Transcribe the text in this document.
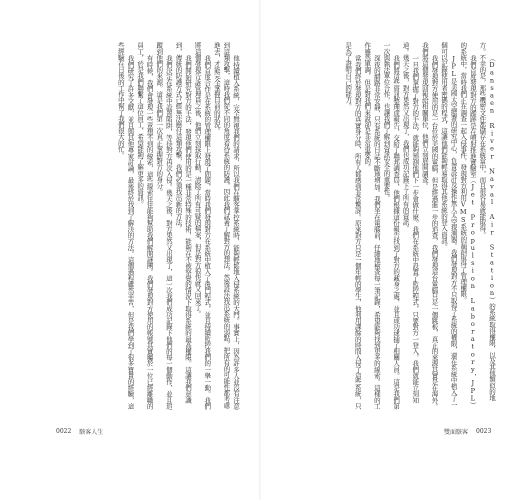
他持續植入系統，完全無視我們的請求，所以我們在駭客掌控系統時，能夠輕鬆地入侵系統的大門。事實上，因為許多人並沒有注意到這類攻擊，這時我們從不同的角度看待系統的防護，因此我們試著了解對方的想法，然後設法找出系統的弱點，把所有的可能性都考慮進去，才能完全掌握目前的狀況。

我們首度合作是在系統的管理權限上發現了問題，當時我們發現對方在系統中植入了後門程式，並且持續監控我們的一舉一動。我們將這個發現告訴管理員之後，他們立刻採取行動，清除了所有可疑的檔案，但是對方很快就又回來了。

我們開始研究對方的手法，發現他們使用的是一種非常特殊的技術，能夠在不被察覺的情況下取得系統的最高權限。這讓我們意識到，傳統的防護方式已經無法應付這類攻擊，我們必須找出新的方法。

我們決定在系統中設置陷阱，等待對方再次入侵。幾天之後，對方果然又出現了，這一次我們成功記錄下他們的每一個動作，並且追蹤到他們的來源。這是我們第一次真正掌握對方的身分。

有時候，我們會發現一些意想不到的線索，這些線索往往能夠幫助我們解開謎團。我們發現對方使用的帳號其實屬於一位已經離職的員工，於是我們聯繫了這位員工，希望能夠了解更多的資訊。

我們研究了許多文獻，並且與其他專家討論，最後終於找到了解決的方法。這個過程雖然辛苦，但是我們學到了很多寶貴的經驗，這些經驗在日後的工作中幫了我們很大的忙。

0022 駭客人生

（Dansaen River Naval Air Station）的系統取得權限，以及其他類似的地方。不幸的是，那些機密文件都儲存在系統當中，而且很容易就能取得。

我們首度發現對方的蹤跡是在噴射推進實驗室（Jet Propulsion Laboratory，JPL）的系統中，當時我們正在調查一起入侵事件，發現對方利用VMS系統的漏洞取得了管理權限。

JPL是美國太空總署的研究中心，負責設計及操作無人太空探測器。我們發現對方不只取得了系統的權限，還在系統中植入了一個可以記錄使用者密碼的程式，這讓他們能夠輕易取得其他系統的登入資訊。

我們發現對方使用的是一台位於美國的電腦，但是經過進一步的追查，我們發現這台電腦只是一個跳板，真正的來源其實是在海外。我們將這個發現回報給相關單位，他們立刻展開調查。

一旦我們掌握了對方的手法，就能夠預測他們下一步會做什麼。我們在系統中設置了監控程式，只要對方一登入，我們就能立刻知道。幾天之後，對方果然又出現了，我們也成功記錄下了所有的資訊。

我們將這些資訊整理成報告，交給了聯邦調查局，他們根據這份報告找到了對方的藏身之處，並且成功逮捕了相關人員。這是我們第一次與執法單位合作，也讓我們了解到資訊安全的重要性。

深夜的網路非常安靜，只有系統的日誌不斷地增加。我們坐在電腦前，仔細地檢查每一筆記錄，希望能夠找到更多的線索。這樣的工作雖然單調，但是對我們來說卻是非常重要的。

當我們終於發現對方的真實身分時，所有人都感到非常驚訝。原來對方只是一個年輕的學生，他利用課餘的時間入侵了這些系統，只是為了證明自己的能力。

雙面駭客 0023
